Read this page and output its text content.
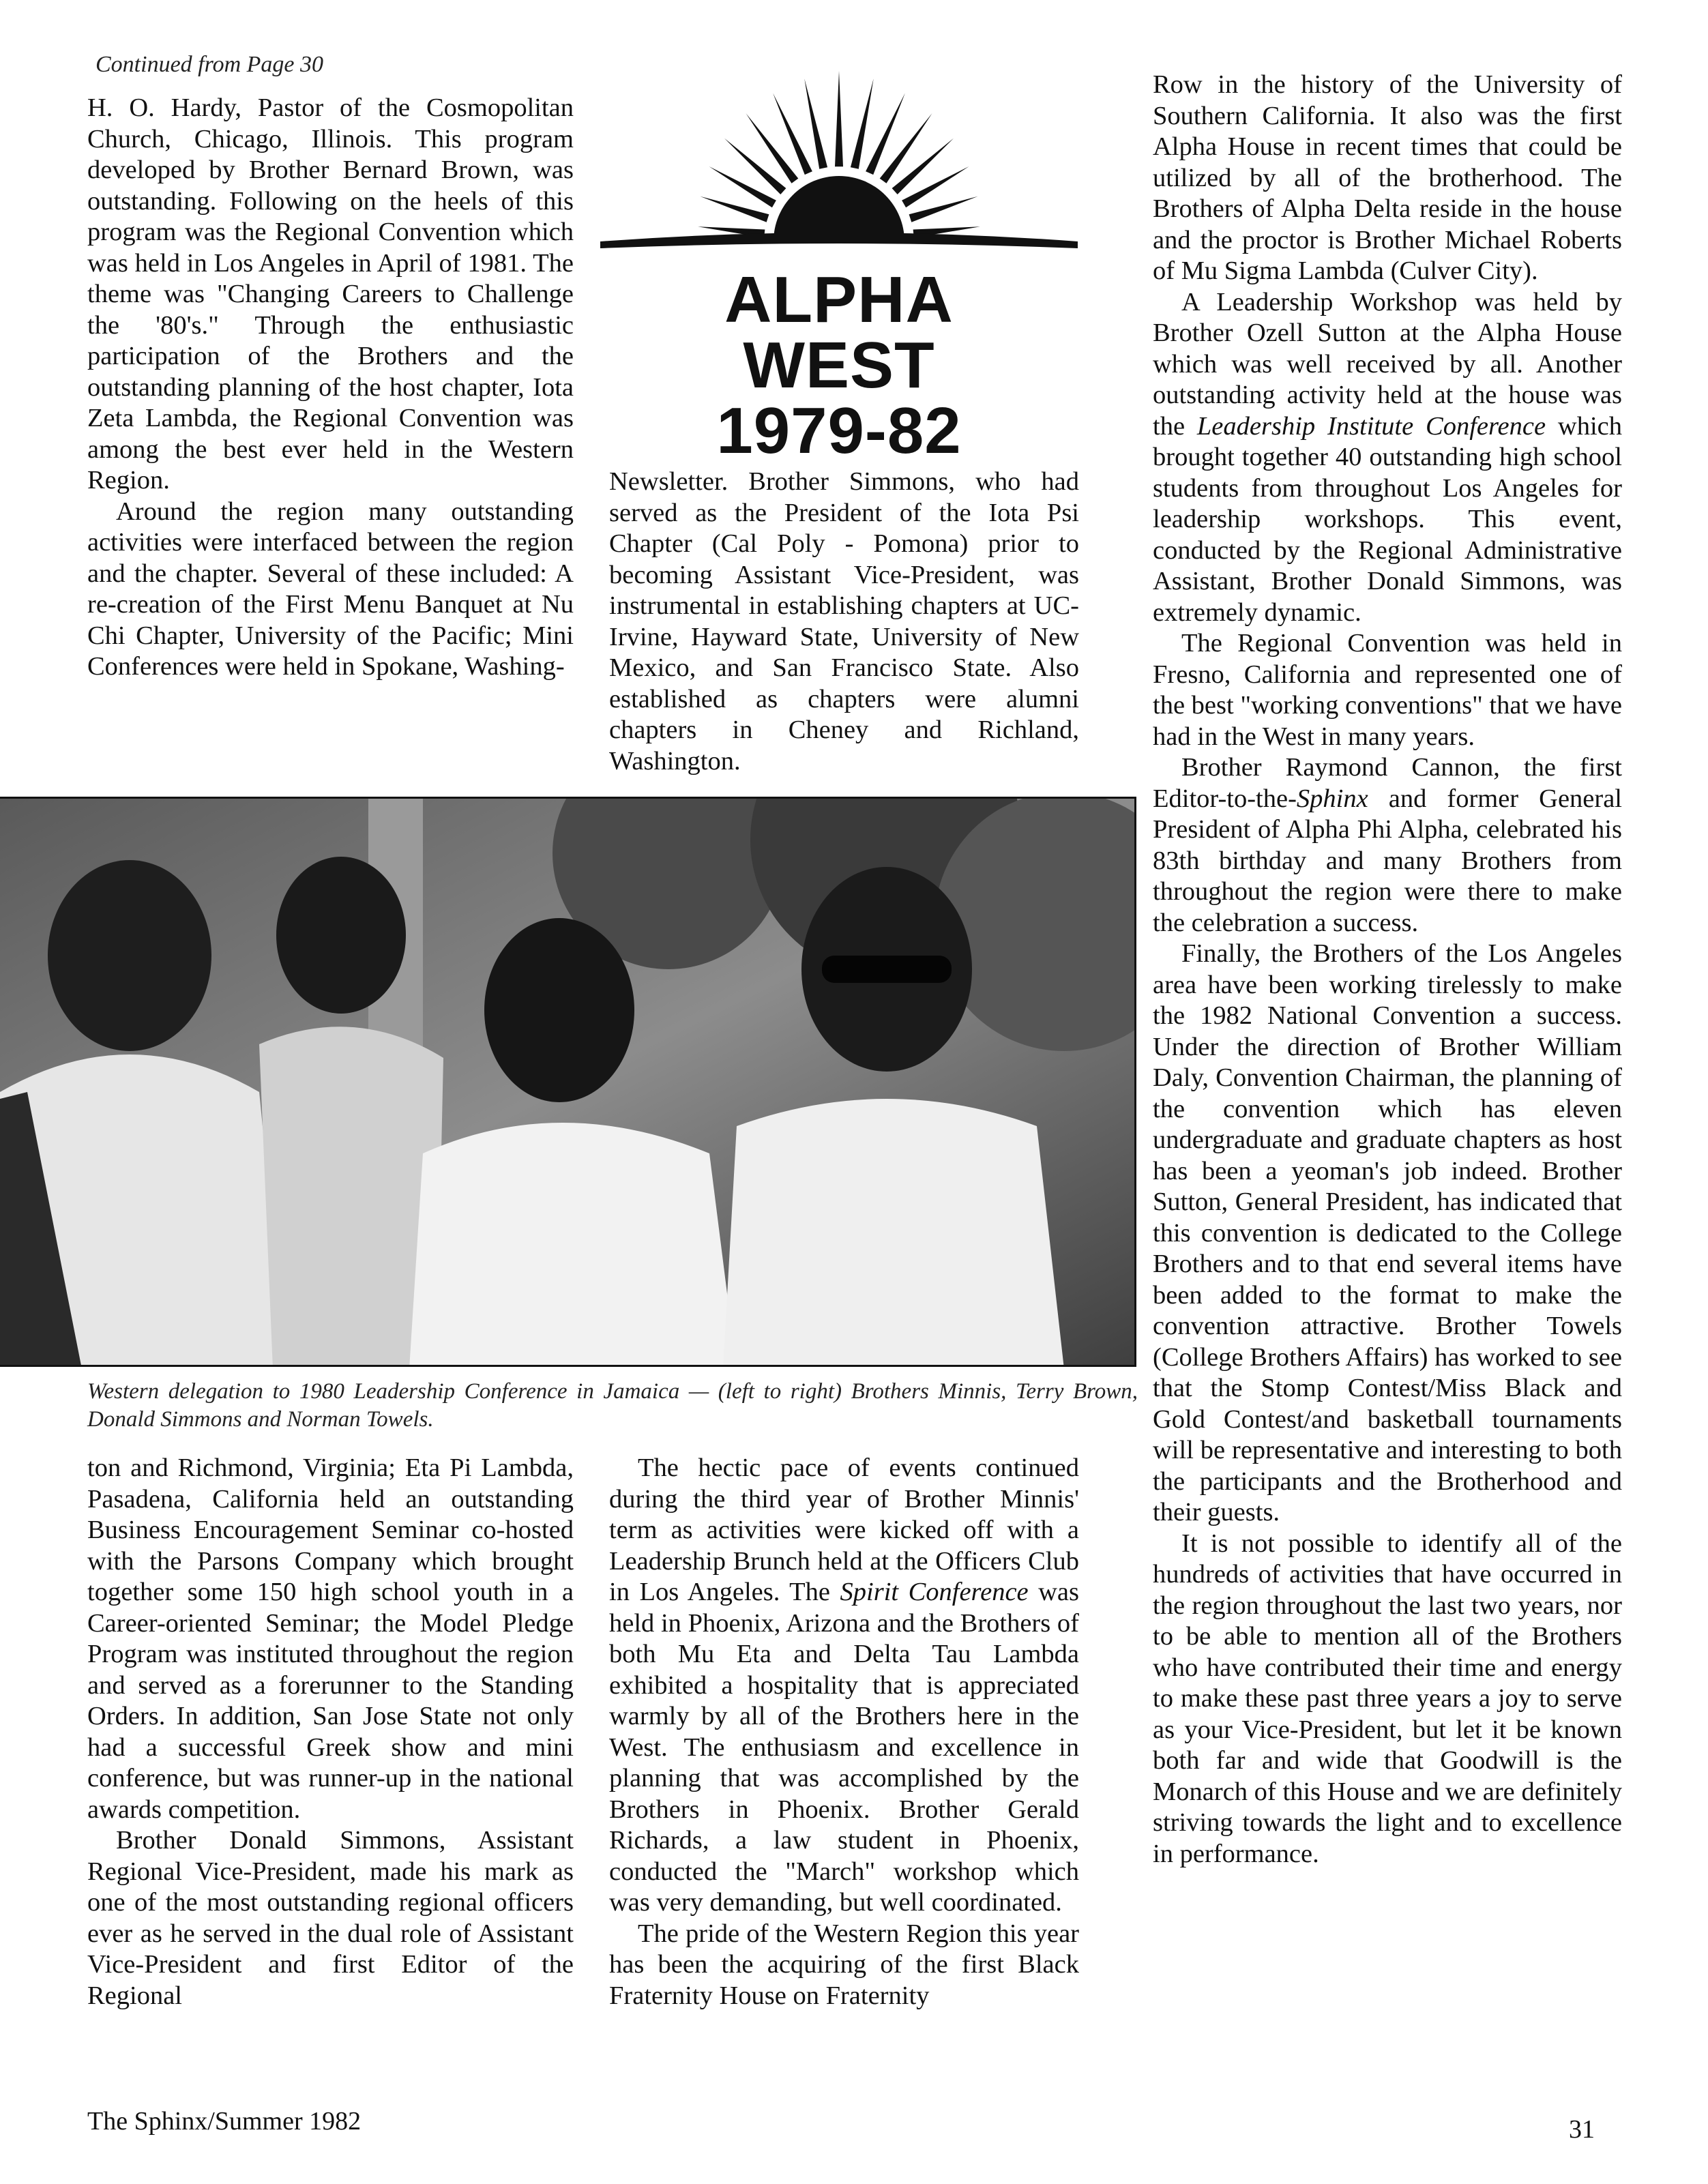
Continued from Page 30

H. O. Hardy, Pastor of the Cosmopolitan Church, Chicago, Illinois. This program developed by Brother Bernard Brown, was outstanding. Following on the heels of this program was the Regional Convention which was held in Los Angeles in April of 1981. The theme was "Changing Careers to Challenge the '80's." Through the enthusiastic participation of the Brothers and the outstanding planning of the host chapter, Iota Zeta Lambda, the Regional Convention was among the best ever held in the Western Region.

Around the region many outstanding activities were interfaced between the region and the chapter. Several of these included: A re-creation of the First Menu Banquet at Nu Chi Chapter, University of the Pacific; Mini Conferences were held in Spokane, Washing-

ALPHA
WEST
1979-82

Newsletter. Brother Simmons, who had served as the President of the Iota Psi Chapter (Cal Poly - Pomona) prior to becoming Assistant Vice-President, was instrumental in establishing chapters at UC-Irvine, Hayward State, University of New Mexico, and San Francisco State. Also established as chapters were alumni chapters in Cheney and Richland, Washington.

Row in the history of the University of Southern California. It also was the first Alpha House in recent times that could be utilized by all of the brotherhood. The Brothers of Alpha Delta reside in the house and the proctor is Brother Michael Roberts of Mu Sigma Lambda (Culver City).

A Leadership Workshop was held by Brother Ozell Sutton at the Alpha House which was well received by all. Another outstanding activity held at the house was the Leadership Institute Conference which brought together 40 outstanding high school students from throughout Los Angeles for leadership workshops. This event, conducted by the Regional Administrative Assistant, Brother Donald Simmons, was extremely dynamic.

The Regional Convention was held in Fresno, California and represented one of the best "working conventions" that we have had in the West in many years.

Brother Raymond Cannon, the first Editor-to-the-Sphinx and former General President of Alpha Phi Alpha, celebrated his 83th birthday and many Brothers from throughout the region were there to make the celebration a success.

Finally, the Brothers of the Los Angeles area have been working tirelessly to make the 1982 National Convention a success. Under the direction of Brother William Daly, Convention Chairman, the planning of the convention which has eleven undergraduate and graduate chapters as host has been a yeoman's job indeed. Brother Sutton, General President, has indicated that this convention is dedicated to the College Brothers and to that end several items have been added to the format to make the convention attractive. Brother Towels (College Brothers Affairs) has worked to see that the Stomp Contest/Miss Black and Gold Contest/and basketball tournaments will be representative and interesting to both the participants and the Brotherhood and their guests.

It is not possible to identify all of the hundreds of activities that have occurred in the region throughout the last two years, nor to be able to mention all of the Brothers who have contributed their time and energy to make these past three years a joy to serve as your Vice-President, but let it be known both far and wide that Goodwill is the Monarch of this House and we are definitely striving towards the light and to excellence in performance.

Western delegation to 1980 Leadership Conference in Jamaica — (left to right) Brothers Minnis, Terry Brown, Donald Simmons and Norman Towels.

ton and Richmond, Virginia; Eta Pi Lambda, Pasadena, California held an outstanding Business Encouragement Seminar co-hosted with the Parsons Company which brought together some 150 high school youth in a Career-oriented Seminar; the Model Pledge Program was instituted throughout the region and served as a forerunner to the Standing Orders. In addition, San Jose State not only had a successful Greek show and mini conference, but was runner-up in the national awards competition.

Brother Donald Simmons, Assistant Regional Vice-President, made his mark as one of the most outstanding regional officers ever as he served in the dual role of Assistant Vice-President and first Editor of the Regional

The hectic pace of events continued during the third year of Brother Minnis' term as activities were kicked off with a Leadership Brunch held at the Officers Club in Los Angeles. The Spirit Conference was held in Phoenix, Arizona and the Brothers of both Mu Eta and Delta Tau Lambda exhibited a hospitality that is appreciated warmly by all of the Brothers here in the West. The enthusiasm and excellence in planning that was accomplished by the Brothers in Phoenix. Brother Gerald Richards, a law student in Phoenix, conducted the "March" workshop which was very demanding, but well coordinated.

The pride of the Western Region this year has been the acquiring of the first Black Fraternity House on Fraternity

The Sphinx/Summer 1982	31
